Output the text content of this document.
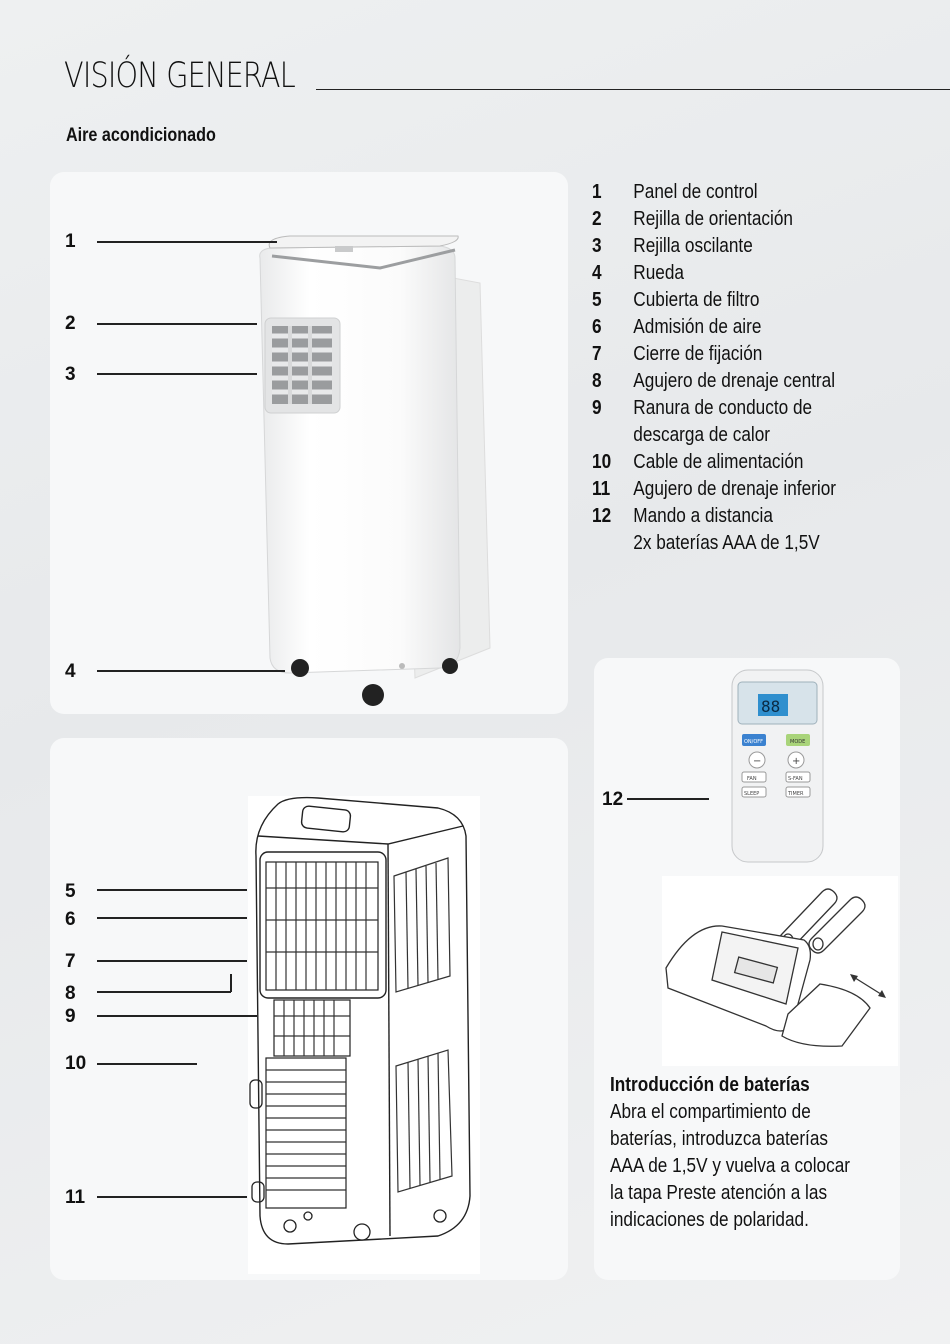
VISIÓN GENERAL
Aire acondicionado
1
2
3
4
1	Panel de control
2	Rejilla de orientación
3	Rejilla oscilante
4	Rueda
5	Cubierta de filtro
6	Admisión de aire
7	Cierre de fijación
8	Agujero de drenaje central
9	Ranura de conducto de
descarga de calor
10	Cable de alimentación
11	Agujero de drenaje inferior
12	Mando a distancia
2x baterías AAA de 1,5V
88
ON/OFF	MODE
−	+
FAN	S-FAN
SLEEP	TIMER
12
Introducción de baterías
Abra el compartimiento de
baterías, introduzca baterías
AAA de 1,5V y vuelva a colocar
la tapa Preste atención a las
indicaciones de polaridad.
5
6
7
8
9
10
11
